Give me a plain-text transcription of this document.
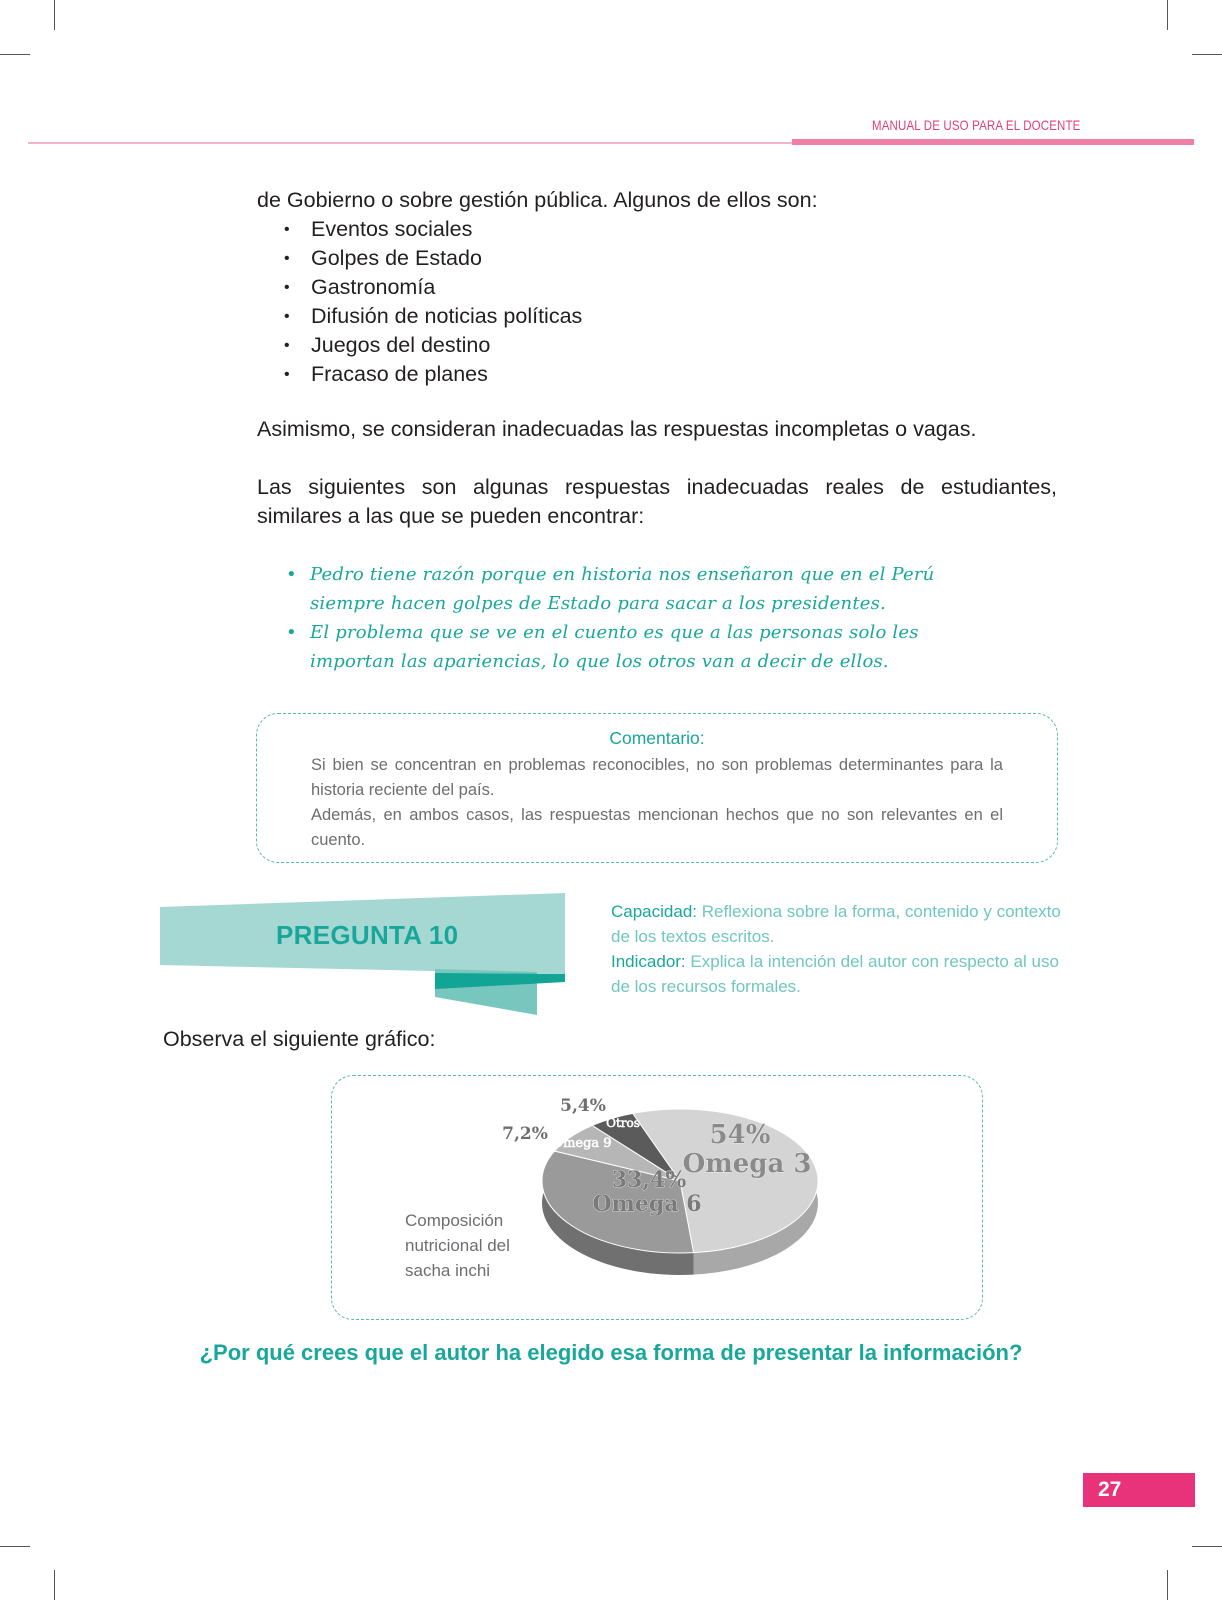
MANUAL DE USO PARA EL DOCENTE
de Gobierno o sobre gestión pública. Algunos de ellos son:
• Eventos sociales
• Golpes de Estado
• Gastronomía
• Difusión de noticias políticas
• Juegos del destino
• Fracaso de planes
Asimismo, se consideran inadecuadas las respuestas incompletas o vagas.
Las siguientes son algunas respuestas inadecuadas reales de estudiantes, similares a las que se pueden encontrar:
• Pedro tiene razón porque en historia nos enseñaron que en el Perú siempre hacen golpes de Estado para sacar a los presidentes.
• El problema que se ve en el cuento es que a las personas solo les importan las apariencias, lo que los otros van a decir de ellos.
Comentario:

Si bien se concentran en problemas reconocibles, no son problemas determinantes para la historia reciente del país.

Además, en ambos casos, las respuestas mencionan hechos que no son relevantes en el cuento.

PREGUNTA 10
Capacidad: Reflexiona sobre la forma, contenido y contexto de los textos escritos.
Indicador: Explica la intención del autor con respecto al uso de los recursos formales.
Observa el siguiente gráfico:
54%
Omega 3
33,4%
Omega 6
7,2% Omega 9
5,4%
Otros
Composición nutricional del sacha inchi
¿Por qué crees que el autor ha elegido esa forma de presentar la información?
27
